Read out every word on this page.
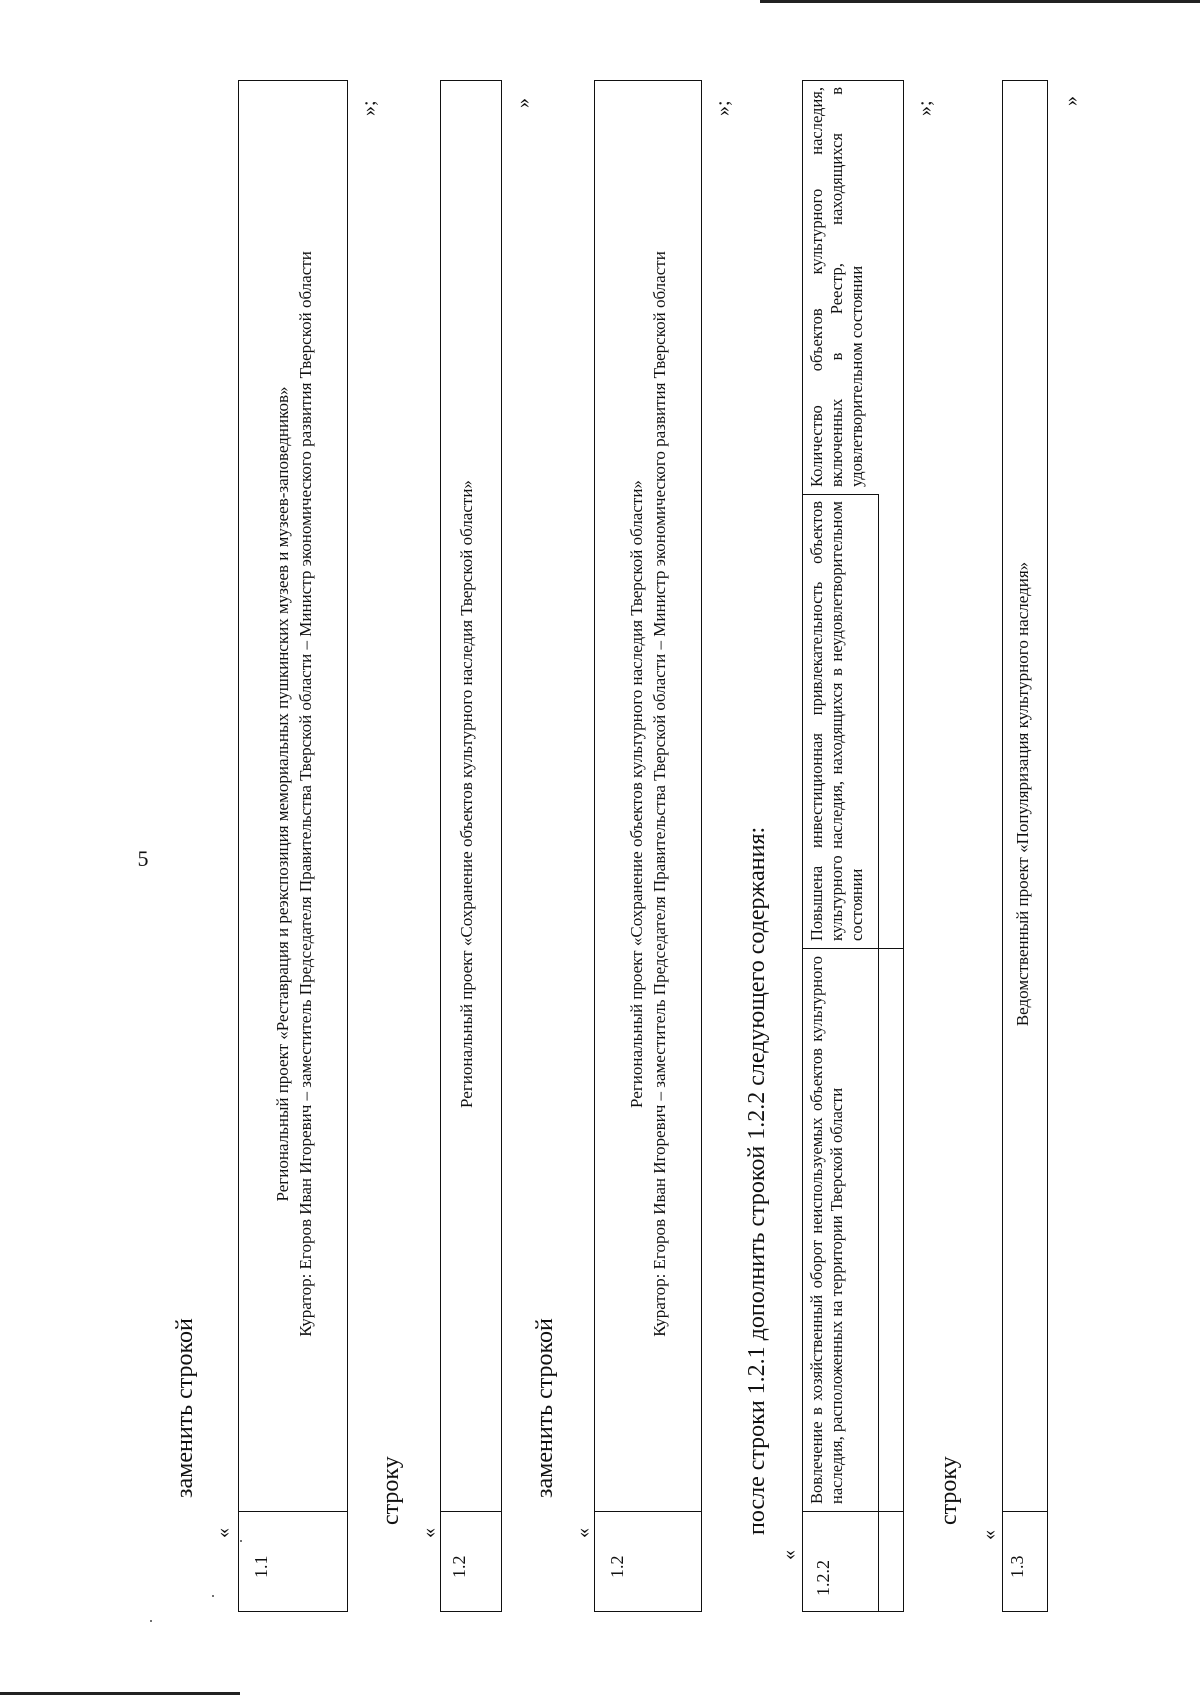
5
заменить строкой
«
1.1
Региональный проект «Реставрация и реэкспозиция мемориальных пушкинских музеев и музеев-заповедников» Куратор: Егоров Иван Игоревич – заместитель Председателя Правительства Тверской области – Министр экономического развития Тверской области
»;
строку
«
1.2
Региональный проект «Сохранение объектов культурного наследия Тверской области»
»
заменить строкой
«
1.2
Региональный проект «Сохранение объектов культурного наследия Тверской области» Куратор: Егоров Иван Игоревич – заместитель Председателя Правительства Тверской области – Министр экономического развития Тверской области
»;
после строки 1.2.1 дополнить строкой 1.2.2 следующего содержания:
«
1.2.2
Вовлечение в хозяйственный оборот неиспользуемых объектов культурного наследия, расположенных на территории Тверской области
Повышена инвестиционная привлекательность объектов культурного наследия, находящихся в неудовлетворительном состоянии
Количество объектов культурного наследия, включенных в Реестр, находящихся в удовлетворительном состоянии
»;
строку
«
1.3
Ведомственный проект «Популяризация культурного наследия»
»
